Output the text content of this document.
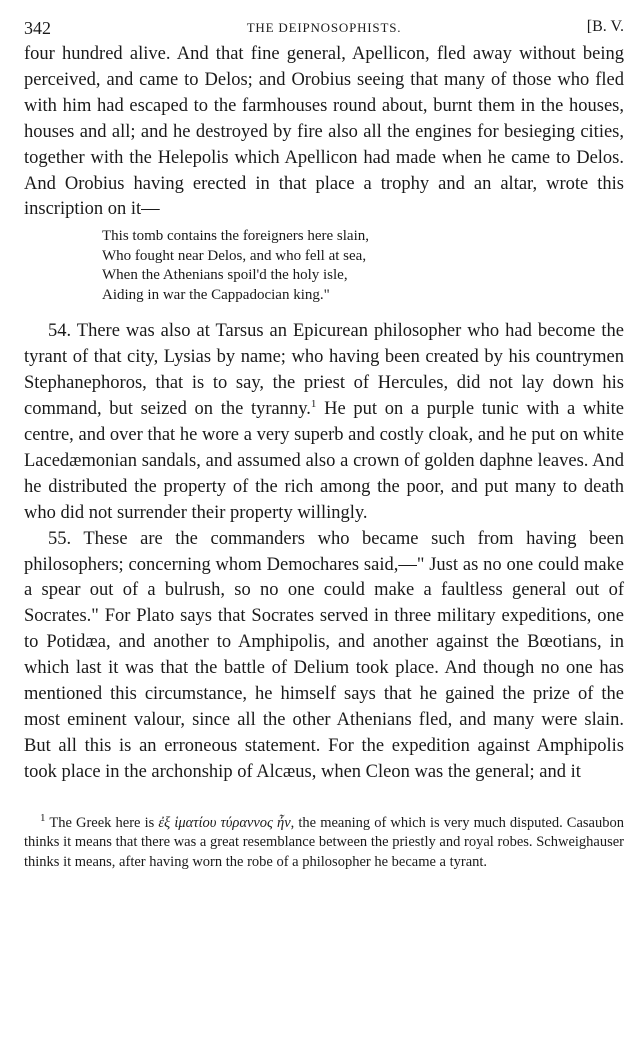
342	THE DEIPNOSOPHISTS.	[B. V.

four hundred alive. And that fine general, Apellicon, fled away without being perceived, and came to Delos; and Orobius seeing that many of those who fled with him had escaped to the farmhouses round about, burnt them in the houses, houses and all; and he destroyed by fire also all the engines for besieging cities, together with the Helepolis which Apellicon had made when he came to Delos. And Orobius having erected in that place a trophy and an altar, wrote this inscription on it—

This tomb contains the foreigners here slain,
Who fought near Delos, and who fell at sea,
When the Athenians spoil'd the holy isle,
Aiding in war the Cappadocian king."

54. There was also at Tarsus an Epicurean philosopher who had become the tyrant of that city, Lysias by name; who having been created by his countrymen Stephanephoros, that is to say, the priest of Hercules, did not lay down his command, but seized on the tyranny.$^1$ He put on a purple tunic with a white centre, and over that he wore a very superb and costly cloak, and he put on white Lacedæmonian sandals, and assumed also a crown of golden daphne leaves. And he distributed the property of the rich among the poor, and put many to death who did not surrender their property willingly.

55. These are the commanders who became such from having been philosophers; concerning whom Demochares said,—" Just as no one could make a spear out of a bulrush, so no one could make a faultless general out of Socrates." For Plato says that Socrates served in three military expeditions, one to Potidæa, and another to Amphipolis, and another against the Bœotians, in which last it was that the battle of Delium took place. And though no one has mentioned this circumstance, he himself says that he gained the prize of the most eminent valour, since all the other Athenians fled, and many were slain. But all this is an erroneous statement. For the expedition against Amphipolis took place in the archonship of Alcæus, when Cleon was the general; and it

$^1$ The Greek here is ἐξ ἱματίου τύραννος ἦν, the meaning of which is very much disputed. Casaubon thinks it means that there was a great resemblance between the priestly and royal robes. Schweighauser thinks it means, after having worn the robe of a philosopher he became a tyrant.
